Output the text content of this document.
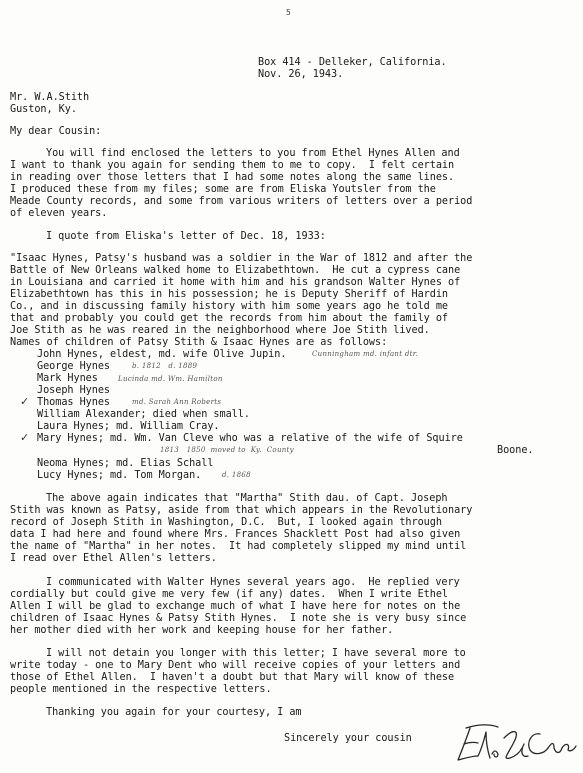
5
Box 414 - Delleker, California.
Nov. 26, 1943.
Mr. W.A.Stith
Guston, Ky.
My dear Cousin:
You will find enclosed the letters to you from Ethel Hynes Allen and
I want to thank you again for sending them to me to copy.  I felt certain
in reading over those letters that I had some notes along the same lines.
I produced these from my files; some are from Eliska Youtsler from the
Meade County records, and some from various writers of letters over a period
of eleven years.
I quote from Eliska's letter of Dec. 18, 1933:
"Isaac Hynes, Patsy's husband was a soldier in the War of 1812 and after the
Battle of New Orleans walked home to Elizabethtown.  He cut a cypress cane
in Louisiana and carried it home with him and his grandson Walter Hynes of
Elizabethtown has this in his possession; he is Deputy Sheriff of Hardin
Co., and in discussing family history with him some years ago he told me
that and probably you could get the records from him about the family of
Joe Stith as he was reared in the neighborhood where Joe Stith lived.
Names of children of Patsy Stith & Isaac Hynes are as follows:
John Hynes, eldest, md. wife Olive Jupin.	Cunningham md. infant dtr.
George Hynes	b. 1812   d. 1889
Mark Hynes	Lucinda md. Wm. Hamilton
Joseph Hynes
✓ Thomas Hynes	md. Sarah Ann Roberts
William Alexander; died when small.
Laura Hynes; md. William Cray.
✓ Mary Hynes; md. Wm. Van Cleve who was a relative of the wife of Squire
1813   1850  moved to  Ky.  County	Boone.
Neoma Hynes; md. Elias Schall
Lucy Hynes; md. Tom Morgan.	d. 1868
The above again indicates that "Martha" Stith dau. of Capt. Joseph
Stith was known as Patsy, aside from that which appears in the Revolutionary
record of Joseph Stith in Washington, D.C.  But, I looked again through
data I had here and found where Mrs. Frances Shacklett Post had also given
the name of "Martha" in her notes.  It had completely slipped my mind until
I read over Ethel Allen's letters.
I communicated with Walter Hynes several years ago.  He replied very
cordially but could give me very few (if any) dates.  When I write Ethel
Allen I will be glad to exchange much of what I have here for notes on the
children of Isaac Hynes & Patsy Stith Hynes.  I note she is very busy since
her mother died with her work and keeping house for her father.
I will not detain you longer with this letter; I have several more to
write today - one to Mary Dent who will receive copies of your letters and
those of Ethel Allen.  I haven't a doubt but that Mary will know of these
people mentioned in the respective letters.
Thanking you again for your courtesy, I am
Sincerely your cousin
